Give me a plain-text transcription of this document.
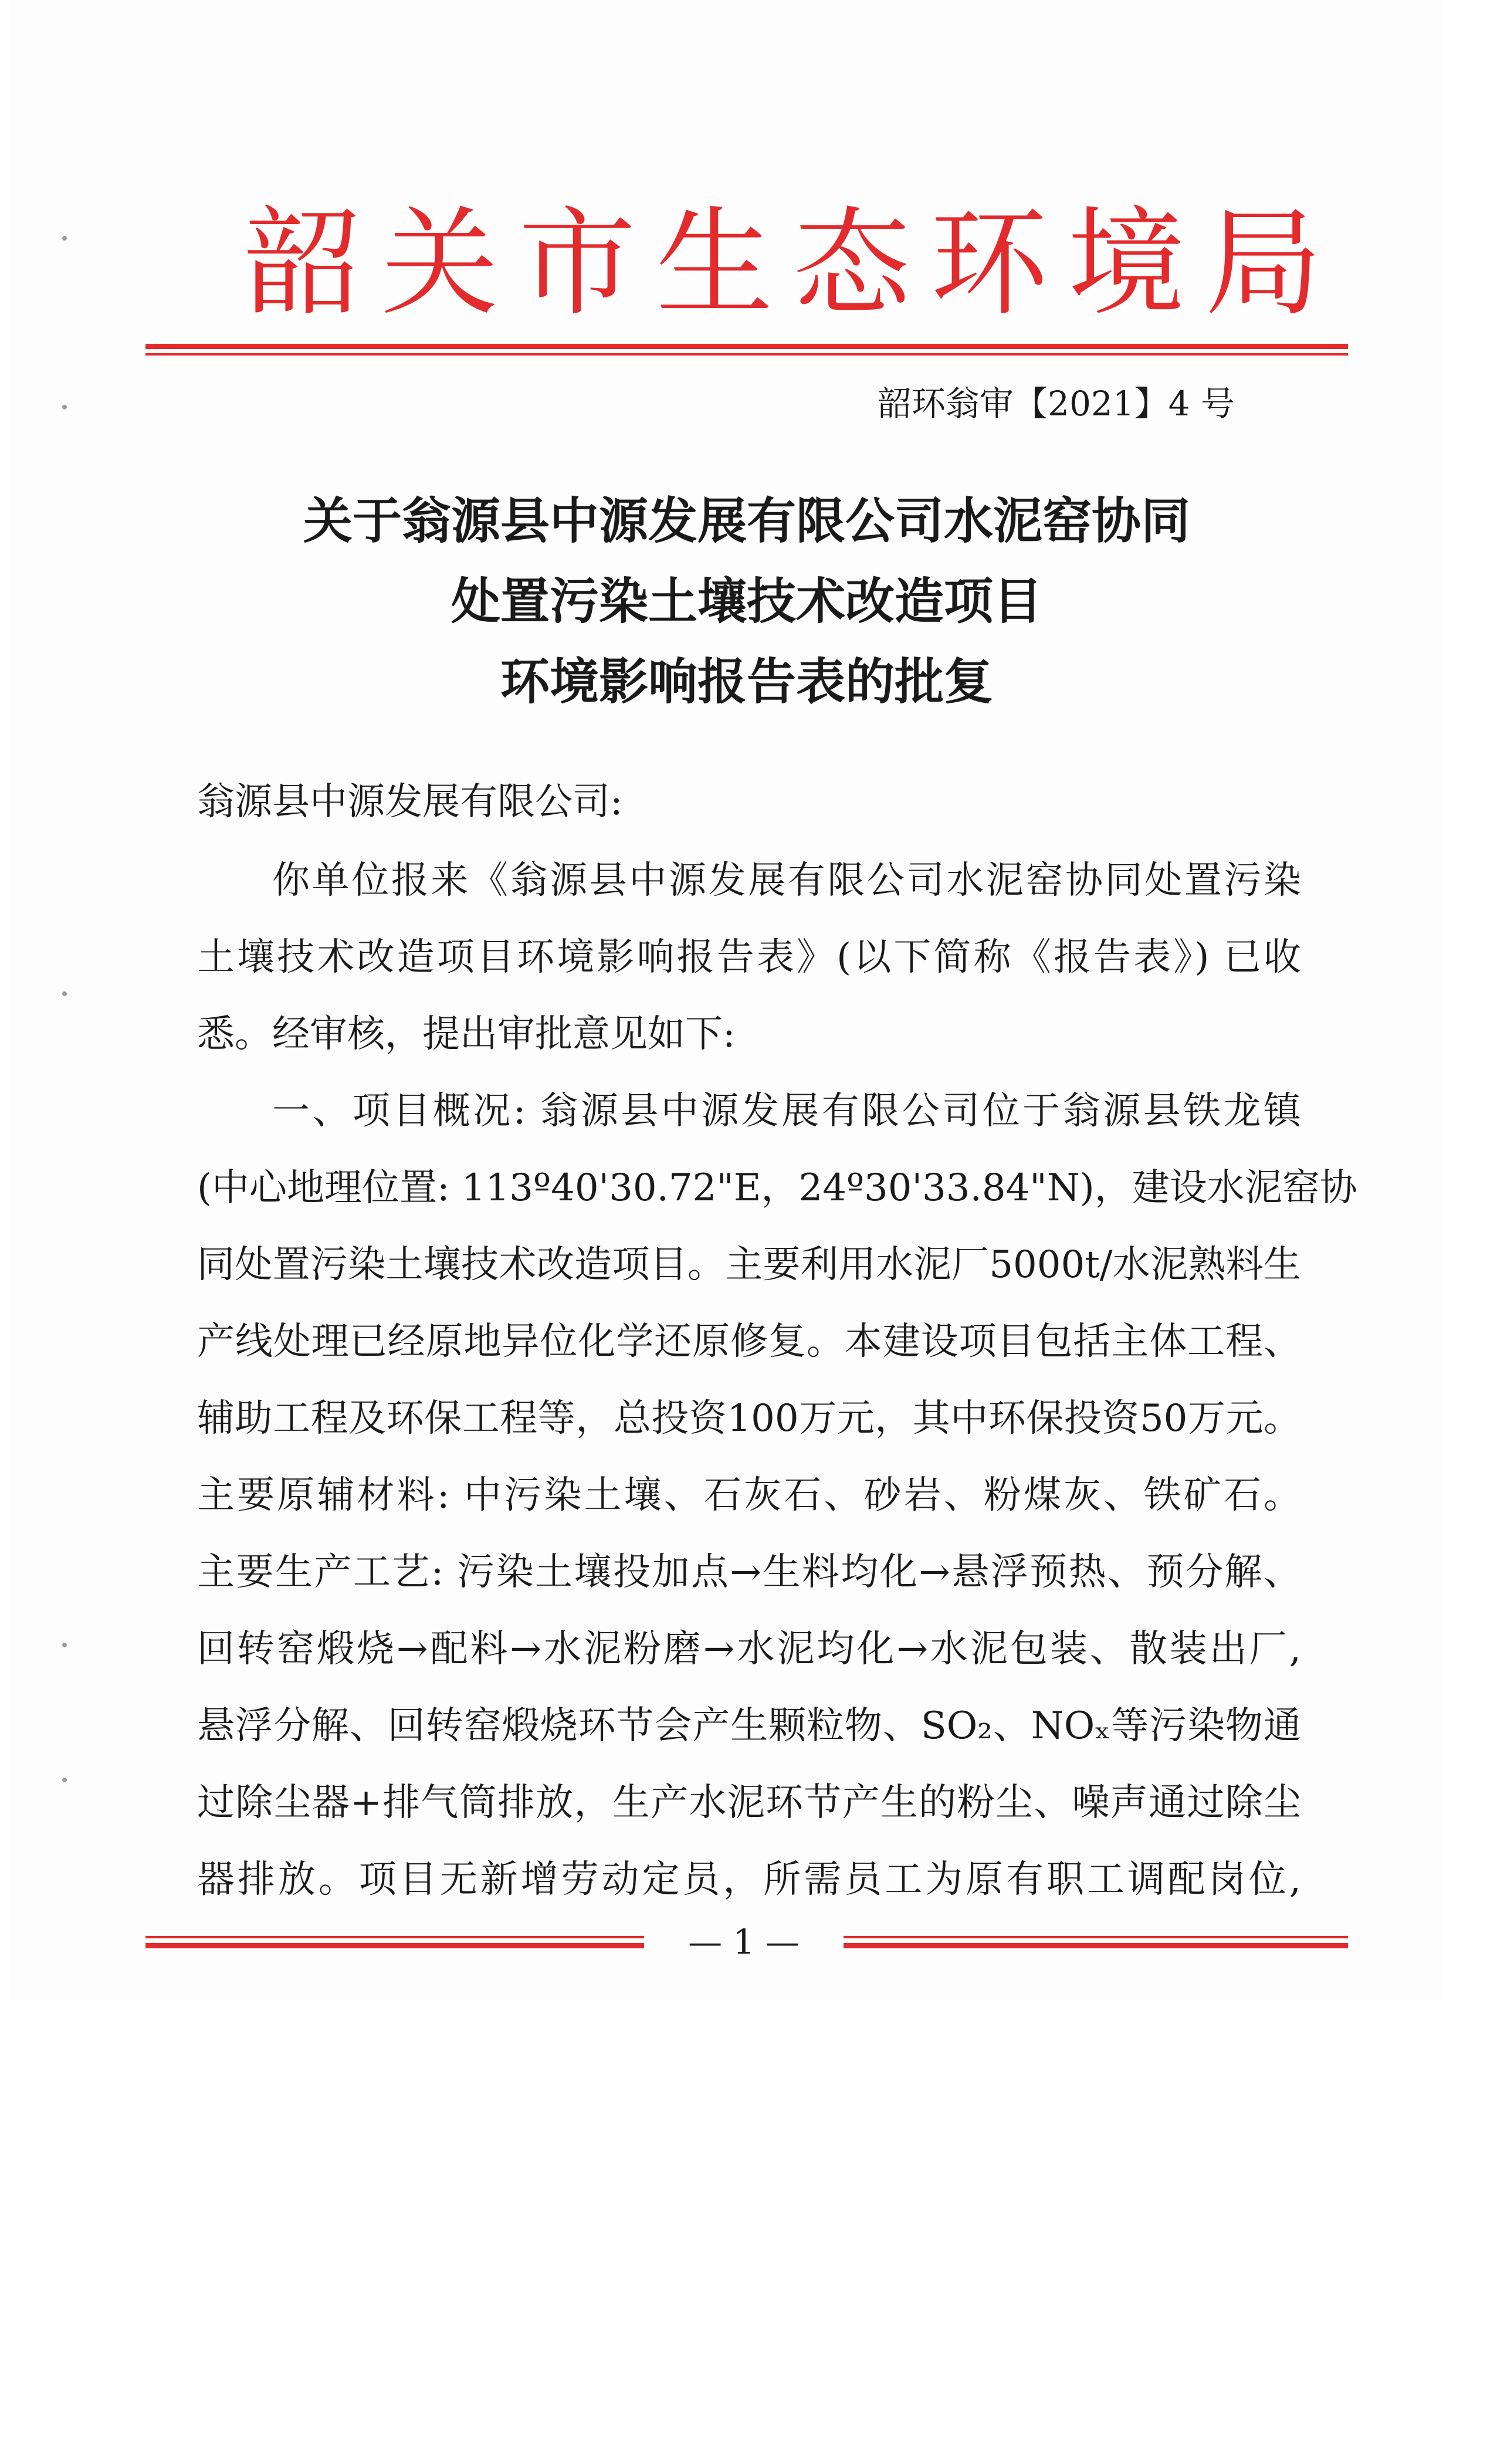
韶关市生态环境局
韶环翁审【2021】4 号
关于翁源县中源发展有限公司水泥窑协同
处置污染土壤技术改造项目
环境影响报告表的批复
翁源县中源发展有限公司:
你单位报来《翁源县中源发展有限公司水泥窑协同处置污染
土壤技术改造项目环境影响报告表》(以下简称《报告表》) 已收
悉。经审核，提出审批意见如下:
一、项目概况: 翁源县中源发展有限公司位于翁源县铁龙镇
(中心地理位置: 113º40'30.72"E，24º30'33.84"N)，建设水泥窑协
同处置污染土壤技术改造项目。主要利用水泥厂5000t/水泥熟料生
产线处理已经原地异位化学还原修复。本建设项目包括主体工程、
辅助工程及环保工程等，总投资100万元，其中环保投资50万元。
主要原辅材料: 中污染土壤、石灰石、砂岩、粉煤灰、铁矿石。
主要生产工艺: 污染土壤投加点→生料均化→悬浮预热、预分解、
回转窑煅烧→配料→水泥粉磨→水泥均化→水泥包装、散装出厂,
悬浮分解、回转窑煅烧环节会产生颗粒物、SO₂、NOₓ等污染物通
过除尘器+排气筒排放，生产水泥环节产生的粉尘、噪声通过除尘
器排放。项目无新增劳动定员，所需员工为原有职工调配岗位,
— 1 —
